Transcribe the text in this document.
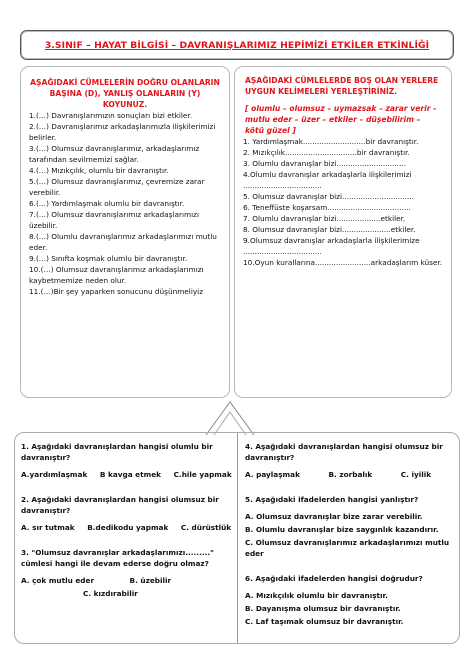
3.SINIF – HAYAT BİLGİSİ – DAVRANIŞLARIMIZ HEPİMİZİ ETKİLER ETKİNLİĞİ
AŞAĞIDAKİ CÜMLELERİN DOĞRU OLANLARIN BAŞINA (D), YANLIŞ OLANLARIN (Y) KOYUNUZ.
1.(…) Davranışlarımızın sonuçları bizi etkiler.
2.(…) Davranışlarımız arkadaşlarımızla ilişkilerimizi belirler.
3.(…) Olumsuz davranışlarımız, arkadaşlarımız tarafından sevilmemizi sağlar.
4.(…) Mızıkçılık, olumlu bir davranıştır.
5.(…) Olumsuz davranışlarımız, çevremize zarar verebilir.
6.(…) Yardımlaşmak olumlu bir davranıştır.
7.(…) Olumsuz davranışlarımız arkadaşlarımızı üzebilir.
8.(…) Olumlu davranışlarımız arkadaşlarımızı mutlu eder.
9.(…) Sınıfta koşmak olumlu bir davranıştır.
10.(…) Olumsuz davranışlarımız arkadaşlarımızı kaybetmemize neden olur.
11.(…)Bir şey yaparken sonucunu düşünmeliyiz
AŞAĞIDAKİ CÜMLELERDE BOŞ OLAN YERLERE UYGUN KELİMELERİ YERLEŞTİRİNİZ.
[ olumlu – olumsuz – uymazsak – zarar verir - mutlu eder – üzer – etkiler – düşebilirim – kötü güzel ]
1. Yardımlaşmak...........................bir davranıştır.
2. Mızıkçılık...............................bir davranıştır.
3. Olumlu davranışlar bizi..............................
4.Olumlu davranışlar arkadaşlarla ilişkilerimizi ..................................
5. Olumsuz davranışlar bizi...............................
6. Teneffüste koşarsam....................................
7. Olumlu davranışlar bizi...................etkiler.
8. Olumsuz davranışlar bizi.....................etkiler.
9.Olumsuz davranışlar arkadaşlarla ilişkilerimize ..................................
10.Oyun kurallarına........................arkadaşlarım küser.
1. Aşağıdaki davranışlardan hangisi olumlu bir davranıştır?
A.yardımlaşmak B kavga etmek C.hile yapmak
2. Aşağıdaki davranışlardan hangisi olumsuz bir davranıştır?
A. sır tutmak B.dedikodu yapmak C. dürüstlük
3. "Olumsuz davranışlar arkadaşlarımızı........." cümlesi hangi ile devam ederse doğru olmaz?
A. çok mutlu eder	B. üzebilir
C. kızdırabilir
4. Aşağıdaki davranışlardan hangisi olumsuz bir davranıştır?
A. paylaşmak	B. zorbalık	C. iyilik
5. Aşağıdaki ifadelerden hangisi yanlıştır?
A. Olumsuz davranışlar bize zarar verebilir.
B. Olumlu davranışlar bize saygınlık kazandırır.
C. Olumsuz davranışlarımız arkadaşlarımızı mutlu eder
6. Aşağıdaki ifadelerden hangisi doğrudur?
A. Mızıkçılık olumlu bir davranıştır.
B. Dayanışma olumsuz bir davranıştır.
C. Laf taşımak olumsuz bir davranıştır.
